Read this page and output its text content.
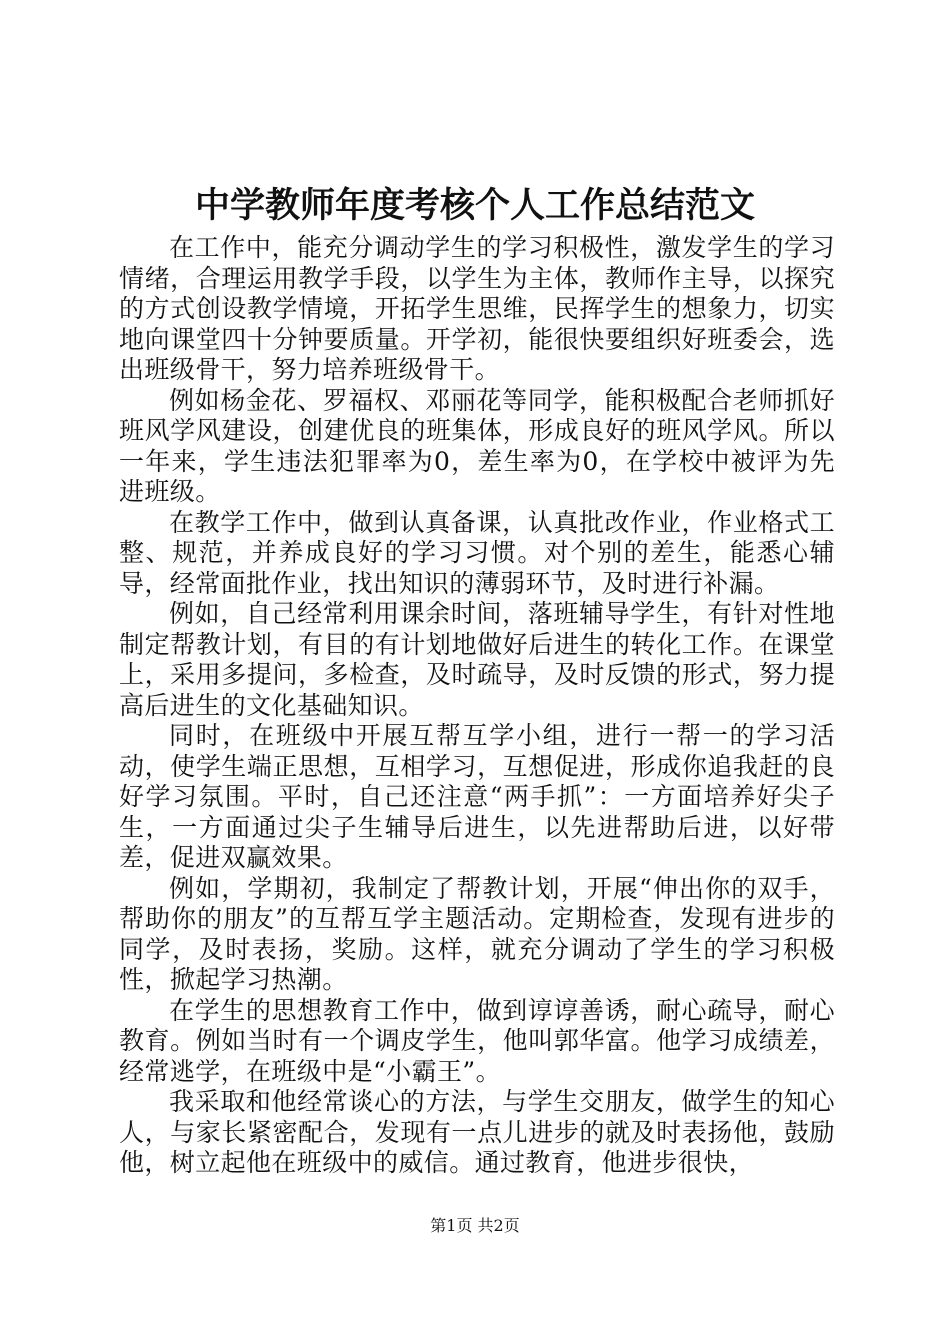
中学教师年度考核个人工作总结范文

在工作中，能充分调动学生的学习积极性，激发学生的学习情绪，合理运用教学手段，以学生为主体，教师作主导，以探究的方式创设教学情境，开拓学生思维，民挥学生的想象力，切实地向课堂四十分钟要质量。开学初，能很快要组织好班委会，选出班级骨干，努力培养班级骨干。

例如杨金花、罗福权、邓丽花等同学，能积极配合老师抓好班风学风建设，创建优良的班集体，形成良好的班风学风。所以一年来，学生违法犯罪率为0，差生率为0，在学校中被评为先进班级。

在教学工作中，做到认真备课，认真批改作业，作业格式工整、规范，并养成良好的学习习惯。对个别的差生，能悉心辅导，经常面批作业，找出知识的薄弱环节，及时进行补漏。

例如，自己经常利用课余时间，落班辅导学生，有针对性地制定帮教计划，有目的有计划地做好后进生的转化工作。在课堂上，采用多提问，多检查，及时疏导，及时反馈的形式，努力提高后进生的文化基础知识。

同时，在班级中开展互帮互学小组，进行一帮一的学习活动，使学生端正思想，互相学习，互想促进，形成你追我赶的良好学习氛围。平时，自己还注意“两手抓”：一方面培养好尖子生，一方面通过尖子生辅导后进生，以先进帮助后进，以好带差，促进双赢效果。

例如，学期初，我制定了帮教计划，开展“伸出你的双手，帮助你的朋友”的互帮互学主题活动。定期检查，发现有进步的同学，及时表扬，奖励。这样，就充分调动了学生的学习积极性，掀起学习热潮。

在学生的思想教育工作中，做到谆谆善诱，耐心疏导，耐心教育。例如当时有一个调皮学生，他叫郭华富。他学习成绩差，经常逃学，在班级中是“小霸王”。

我采取和他经常谈心的方法，与学生交朋友，做学生的知心人，与家长紧密配合，发现有一点儿进步的就及时表扬他，鼓励他，树立起他在班级中的威信。通过教育，他进步很快，

第1页 共2页
